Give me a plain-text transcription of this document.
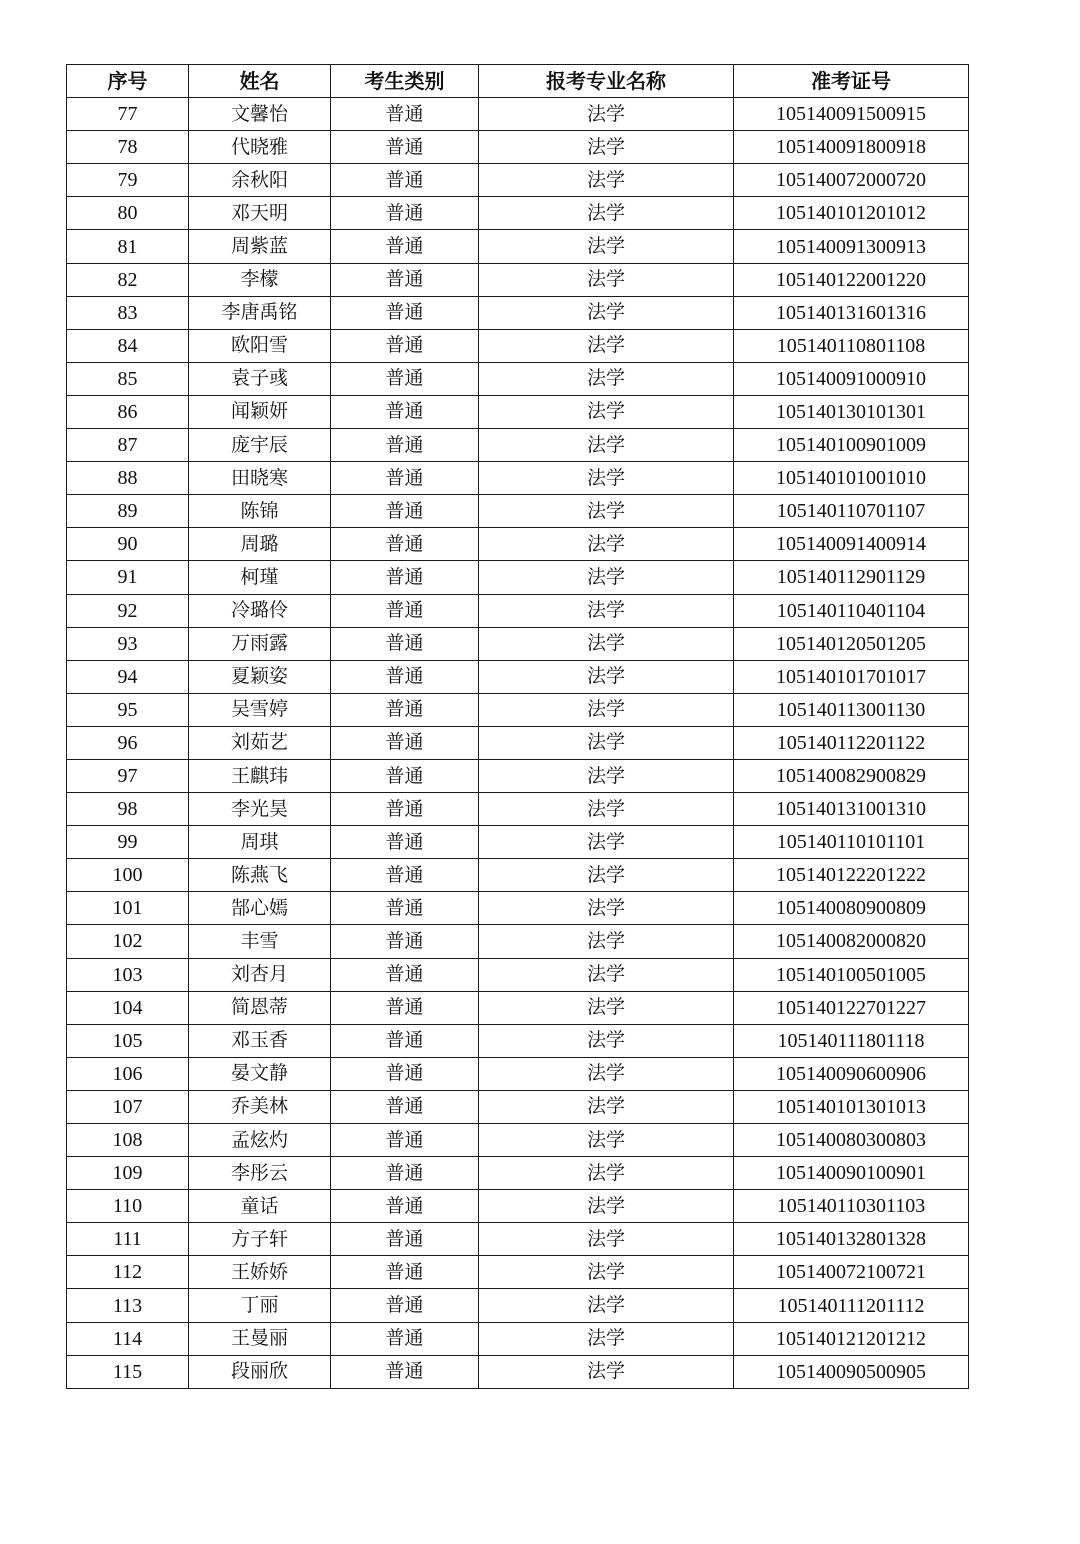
序号	姓名	考生类别	报考专业名称	准考证号
77	文馨怡	普通	法学	105140091500915
78	代晓雅	普通	法学	105140091800918
79	余秋阳	普通	法学	105140072000720
80	邓天明	普通	法学	105140101201012
81	周紫蓝	普通	法学	105140091300913
82	李檬	普通	法学	105140122001220
83	李唐禹铭	普通	法学	105140131601316
84	欧阳雪	普通	法学	105140110801108
85	袁子彧	普通	法学	105140091000910
86	闻颖妍	普通	法学	105140130101301
87	庞宇辰	普通	法学	105140100901009
88	田晓寒	普通	法学	105140101001010
89	陈锦	普通	法学	105140110701107
90	周璐	普通	法学	105140091400914
91	柯瑾	普通	法学	105140112901129
92	冷璐伶	普通	法学	105140110401104
93	万雨露	普通	法学	105140120501205
94	夏颖姿	普通	法学	105140101701017
95	吴雪婷	普通	法学	105140113001130
96	刘茹艺	普通	法学	105140112201122
97	王麒玮	普通	法学	105140082900829
98	李光昊	普通	法学	105140131001310
99	周琪	普通	法学	105140110101101
100	陈燕飞	普通	法学	105140122201222
101	郜心嫣	普通	法学	105140080900809
102	丰雪	普通	法学	105140082000820
103	刘杏月	普通	法学	105140100501005
104	简恩蒂	普通	法学	105140122701227
105	邓玉香	普通	法学	105140111801118
106	晏文静	普通	法学	105140090600906
107	乔美林	普通	法学	105140101301013
108	孟炫灼	普通	法学	105140080300803
109	李彤云	普通	法学	105140090100901
110	童话	普通	法学	105140110301103
111	方子轩	普通	法学	105140132801328
112	王娇娇	普通	法学	105140072100721
113	丁丽	普通	法学	105140111201112
114	王曼丽	普通	法学	105140121201212
115	段丽欣	普通	法学	105140090500905
